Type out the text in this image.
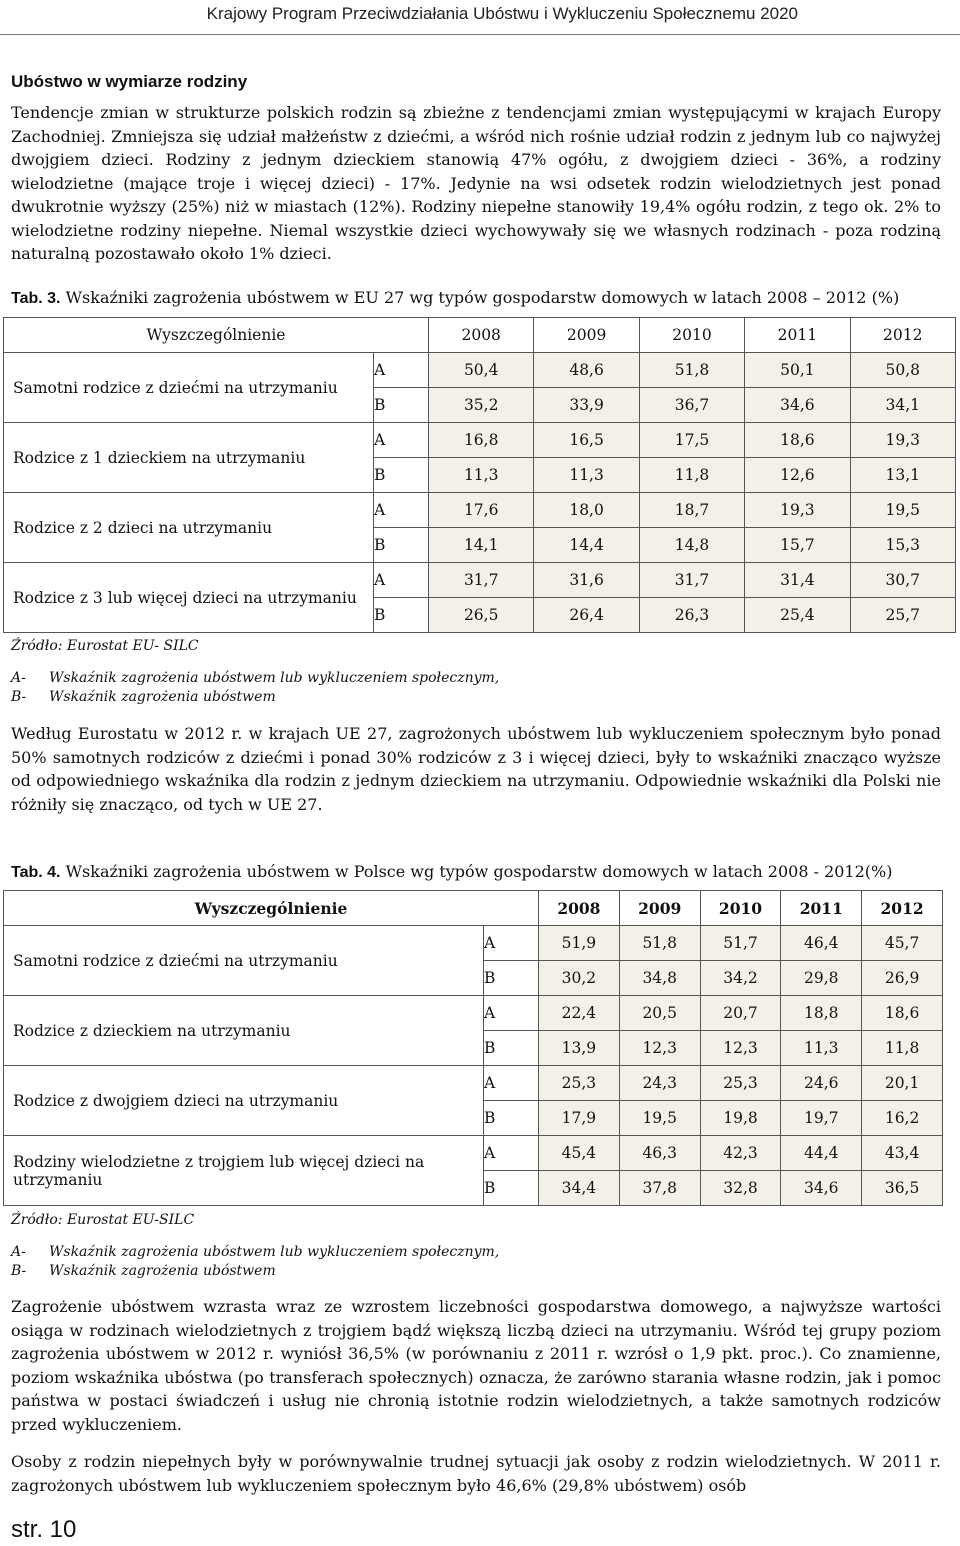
Krajowy Program Przeciwdziałania Ubóstwu i Wykluczeniu Społecznemu 2020
Ubóstwo w wymiarze rodziny
Tendencje zmian w strukturze polskich rodzin są zbieżne z tendencjami zmian występującymi w krajach Europy Zachodniej. Zmniejsza się udział małżeństw z dziećmi, a wśród nich rośnie udział rodzin z jednym lub co najwyżej dwojgiem dzieci. Rodziny z jednym dzieckiem stanowią 47% ogółu, z dwojgiem dzieci - 36%, a rodziny wielodzietne (mające troje i więcej dzieci) - 17%. Jedynie na wsi odsetek rodzin wielodzietnych jest ponad dwukrotnie wyższy (25%) niż w miastach (12%). Rodziny niepełne stanowiły 19,4% ogółu rodzin, z tego ok. 2% to wielodzietne rodziny niepełne. Niemal wszystkie dzieci wychowywały się we własnych rodzinach - poza rodziną naturalną pozostawało około 1% dzieci.
Tab. 3. Wskaźniki zagrożenia ubóstwem w EU 27 wg typów gospodarstw domowych w latach 2008 – 2012 (%)
Wyszczególnienie		2008	2009	2010	2011	2012
Samotni rodzice z dziećmi na utrzymaniu	A	50,4	48,6	51,8	50,1	50,8
	B	35,2	33,9	36,7	34,6	34,1
Rodzice z 1 dzieckiem na utrzymaniu	A	16,8	16,5	17,5	18,6	19,3
	B	11,3	11,3	11,8	12,6	13,1
Rodzice z 2 dzieci na utrzymaniu	A	17,6	18,0	18,7	19,3	19,5
	B	14,1	14,4	14,8	15,7	15,3
Rodzice z 3 lub więcej dzieci na utrzymaniu	A	31,7	31,6	31,7	31,4	30,7
	B	26,5	26,4	26,3	25,4	25,7
Źródło: Eurostat EU- SILC
A- Wskaźnik zagrożenia ubóstwem lub wykluczeniem społecznym,
B- Wskaźnik zagrożenia ubóstwem
Według Eurostatu w 2012 r. w krajach UE 27, zagrożonych ubóstwem lub wykluczeniem społecznym było ponad 50% samotnych rodziców z dziećmi i ponad 30% rodziców z 3 i więcej dzieci, były to wskaźniki znacząco wyższe od odpowiedniego wskaźnika dla rodzin z jednym dzieckiem na utrzymaniu. Odpowiednie wskaźniki dla Polski nie różniły się znacząco, od tych w UE 27.
Tab. 4. Wskaźniki zagrożenia ubóstwem w Polsce wg typów gospodarstw domowych w latach 2008 - 2012(%)
Wyszczególnienie		2008	2009	2010	2011	2012
Samotni rodzice z dziećmi na utrzymaniu	A	51,9	51,8	51,7	46,4	45,7
	B	30,2	34,8	34,2	29,8	26,9
Rodzice z dzieckiem na utrzymaniu	A	22,4	20,5	20,7	18,8	18,6
	B	13,9	12,3	12,3	11,3	11,8
Rodzice z dwojgiem dzieci na utrzymaniu	A	25,3	24,3	25,3	24,6	20,1
	B	17,9	19,5	19,8	19,7	16,2
Rodziny wielodzietne z trojgiem lub więcej dzieci na utrzymaniu	A	45,4	46,3	42,3	44,4	43,4
	B	34,4	37,8	32,8	34,6	36,5
Źródło: Eurostat EU-SILC
A- Wskaźnik zagrożenia ubóstwem lub wykluczeniem społecznym,
B- Wskaźnik zagrożenia ubóstwem
Zagrożenie ubóstwem wzrasta wraz ze wzrostem liczebności gospodarstwa domowego, a najwyższe wartości osiąga w rodzinach wielodzietnych z trojgiem bądź większą liczbą dzieci na utrzymaniu. Wśród tej grupy poziom zagrożenia ubóstwem w 2012 r. wyniósł 36,5% (w porównaniu z 2011 r. wzrósł o 1,9 pkt. proc.). Co znamienne, poziom wskaźnika ubóstwa (po transferach społecznych) oznacza, że zarówno starania własne rodzin, jak i pomoc państwa w postaci świadczeń i usług nie chronią istotnie rodzin wielodzietnych, a także samotnych rodziców przed wykluczeniem.
Osoby z rodzin niepełnych były w porównywalnie trudnej sytuacji jak osoby z rodzin wielodzietnych. W 2011 r. zagrożonych ubóstwem lub wykluczeniem społecznym było 46,6% (29,8% ubóstwem) osób
str. 10
